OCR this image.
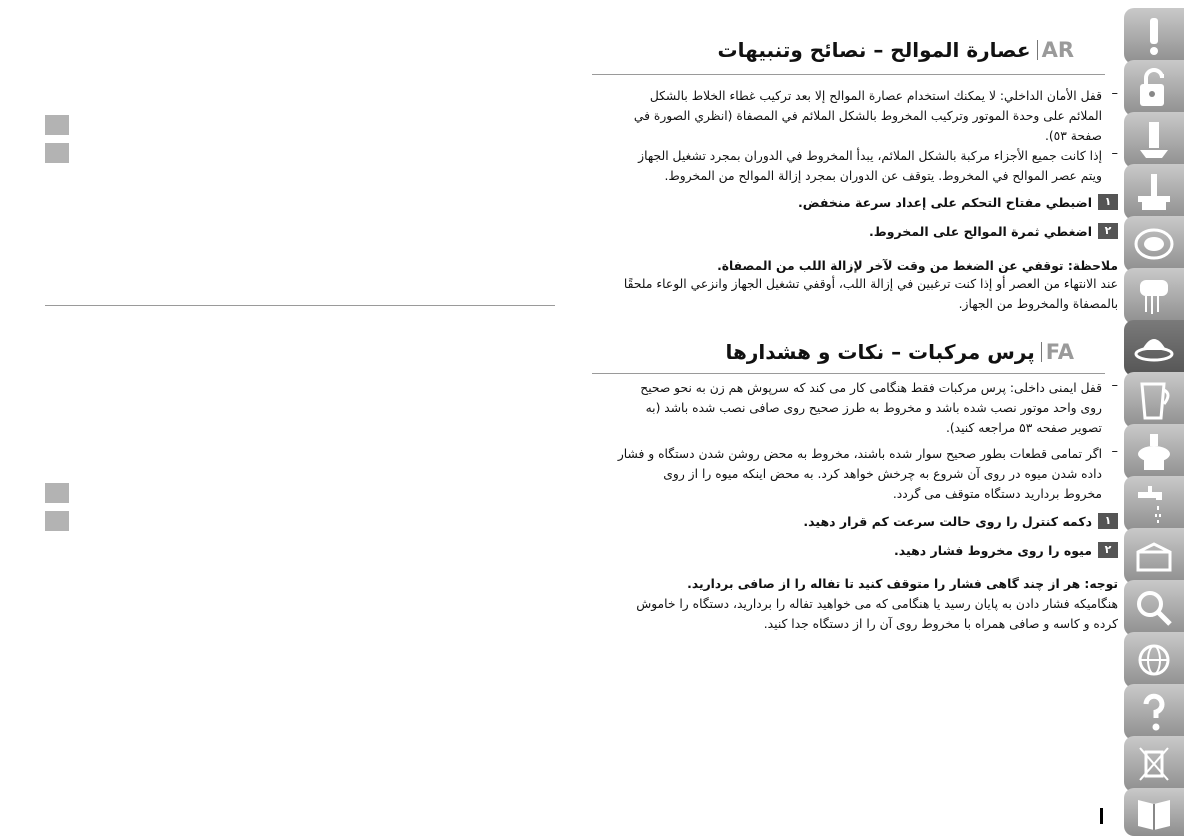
عصارة الموالح – نصائح وتنبيهات AR
–
قفل الأمان الداخلي: لا يمكنك استخدام عصارة الموالح إلا بعد تركيب غطاء الخلاط بالشكل
الملائم على وحدة الموتور وتركيب المخروط بالشكل الملائم في المصفاة (انظري الصورة في
صفحة ٥٣).
–
إذا كانت جميع الأجزاء مركبة بالشكل الملائم، يبدأ المخروط في الدوران بمجرد تشغيل الجهاز
ويتم عصر الموالح في المخروط. يتوقف عن الدوران بمجرد إزالة الموالح من المخروط.
١
اضبطي مفتاح التحكم على إعداد سرعة منخفض.
٢
اضغطي ثمرة الموالح على المخروط.
ملاحظة: توقفي عن الضغط من وقت لآخر لإزالة اللب من المصفاة.
عند الانتهاء من العصر أو إذا كنت ترغبين في إزالة اللب، أوقفي تشغيل الجهاز وانزعي الوعاء ملحقًا
بالمصفاة والمخروط من الجهاز.
پرس مرکبات – نکات و هشدارها FA
–
قفل ایمنی داخلی: پرس مرکبات فقط هنگامی کار می کند که سرپوش هم زن به نحو صحیح
روی واحد موتور نصب شده باشد و مخروط به طرز صحیح روی صافی نصب شده باشد (به
تصویر صفحه ۵۳ مراجعه کنید).
–
اگر تمامی قطعات بطور صحیح سوار شده باشند، مخروط به محض روشن شدن دستگاه و فشار
داده شدن میوه در روی آن شروع به چرخش خواهد کرد. به محض اینکه میوه را از روی
مخروط بردارید دستگاه متوقف می گردد.
۱
دکمه کنترل را روی حالت سرعت کم قرار دهید.
۲
میوه را روی مخروط فشار دهید.
توجه: هر از چند گاهی فشار را متوقف کنید تا تفاله را از صافی بردارید.
هنگامیکه فشار دادن به پایان رسید یا هنگامی که می خواهید تفاله را بردارید، دستگاه را خاموش
کرده و کاسه و صافی همراه با مخروط روی آن را از دستگاه جدا کنید.
